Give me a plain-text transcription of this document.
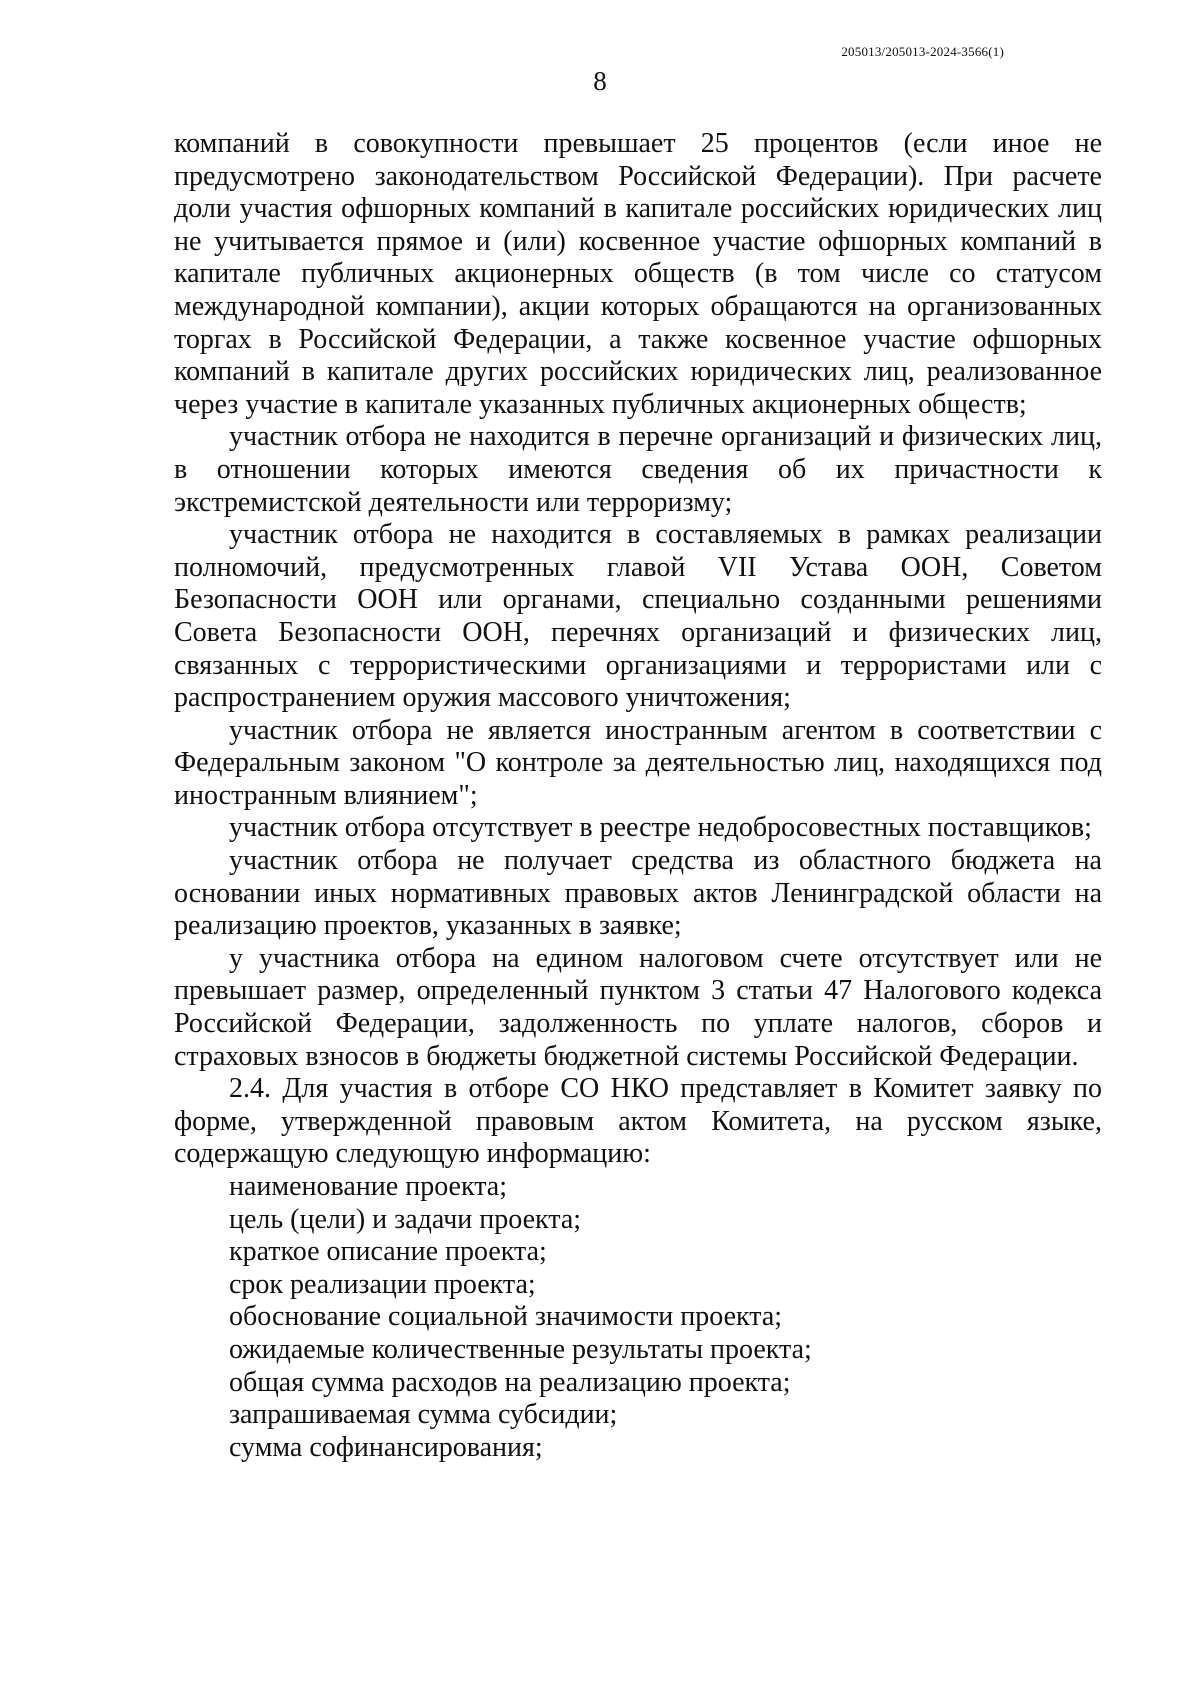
205013/205013-2024-3566(1)
8

компаний в совокупности превышает 25 процентов (если иное не предусмотрено законодательством Российской Федерации). При расчете доли участия офшорных компаний в капитале российских юридических лиц не учитывается прямое и (или) косвенное участие офшорных компаний в капитале публичных акционерных обществ (в том числе со статусом международной компании), акции которых обращаются на организованных торгах в Российской Федерации, а также косвенное участие офшорных компаний в капитале других российских юридических лиц, реализованное через участие в капитале указанных публичных акционерных обществ;

участник отбора не находится в перечне организаций и физических лиц, в отношении которых имеются сведения об их причастности к экстремистской деятельности или терроризму;

участник отбора не находится в составляемых в рамках реализации полномочий, предусмотренных главой VII Устава ООН, Советом Безопасности ООН или органами, специально созданными решениями Совета Безопасности ООН, перечнях организаций и физических лиц, связанных с террористическими организациями и террористами или с распространением оружия массового уничтожения;

участник отбора не является иностранным агентом в соответствии с Федеральным законом "О контроле за деятельностью лиц, находящихся под иностранным влиянием";

участник отбора отсутствует в реестре недобросовестных поставщиков;

участник отбора не получает средства из областного бюджета на основании иных нормативных правовых актов Ленинградской области на реализацию проектов, указанных в заявке;

у участника отбора на едином налоговом счете отсутствует или не превышает размер, определенный пунктом 3 статьи 47 Налогового кодекса Российской Федерации, задолженность по уплате налогов, сборов и страховых взносов в бюджеты бюджетной системы Российской Федерации.

2.4. Для участия в отборе СО НКО представляет в Комитет заявку по форме, утвержденной правовым актом Комитета, на русском языке, содержащую следующую информацию:

наименование проекта;

цель (цели) и задачи проекта;

краткое описание проекта;

срок реализации проекта;

обоснование социальной значимости проекта;

ожидаемые количественные результаты проекта;

общая сумма расходов на реализацию проекта;

запрашиваемая сумма субсидии;

сумма софинансирования;
